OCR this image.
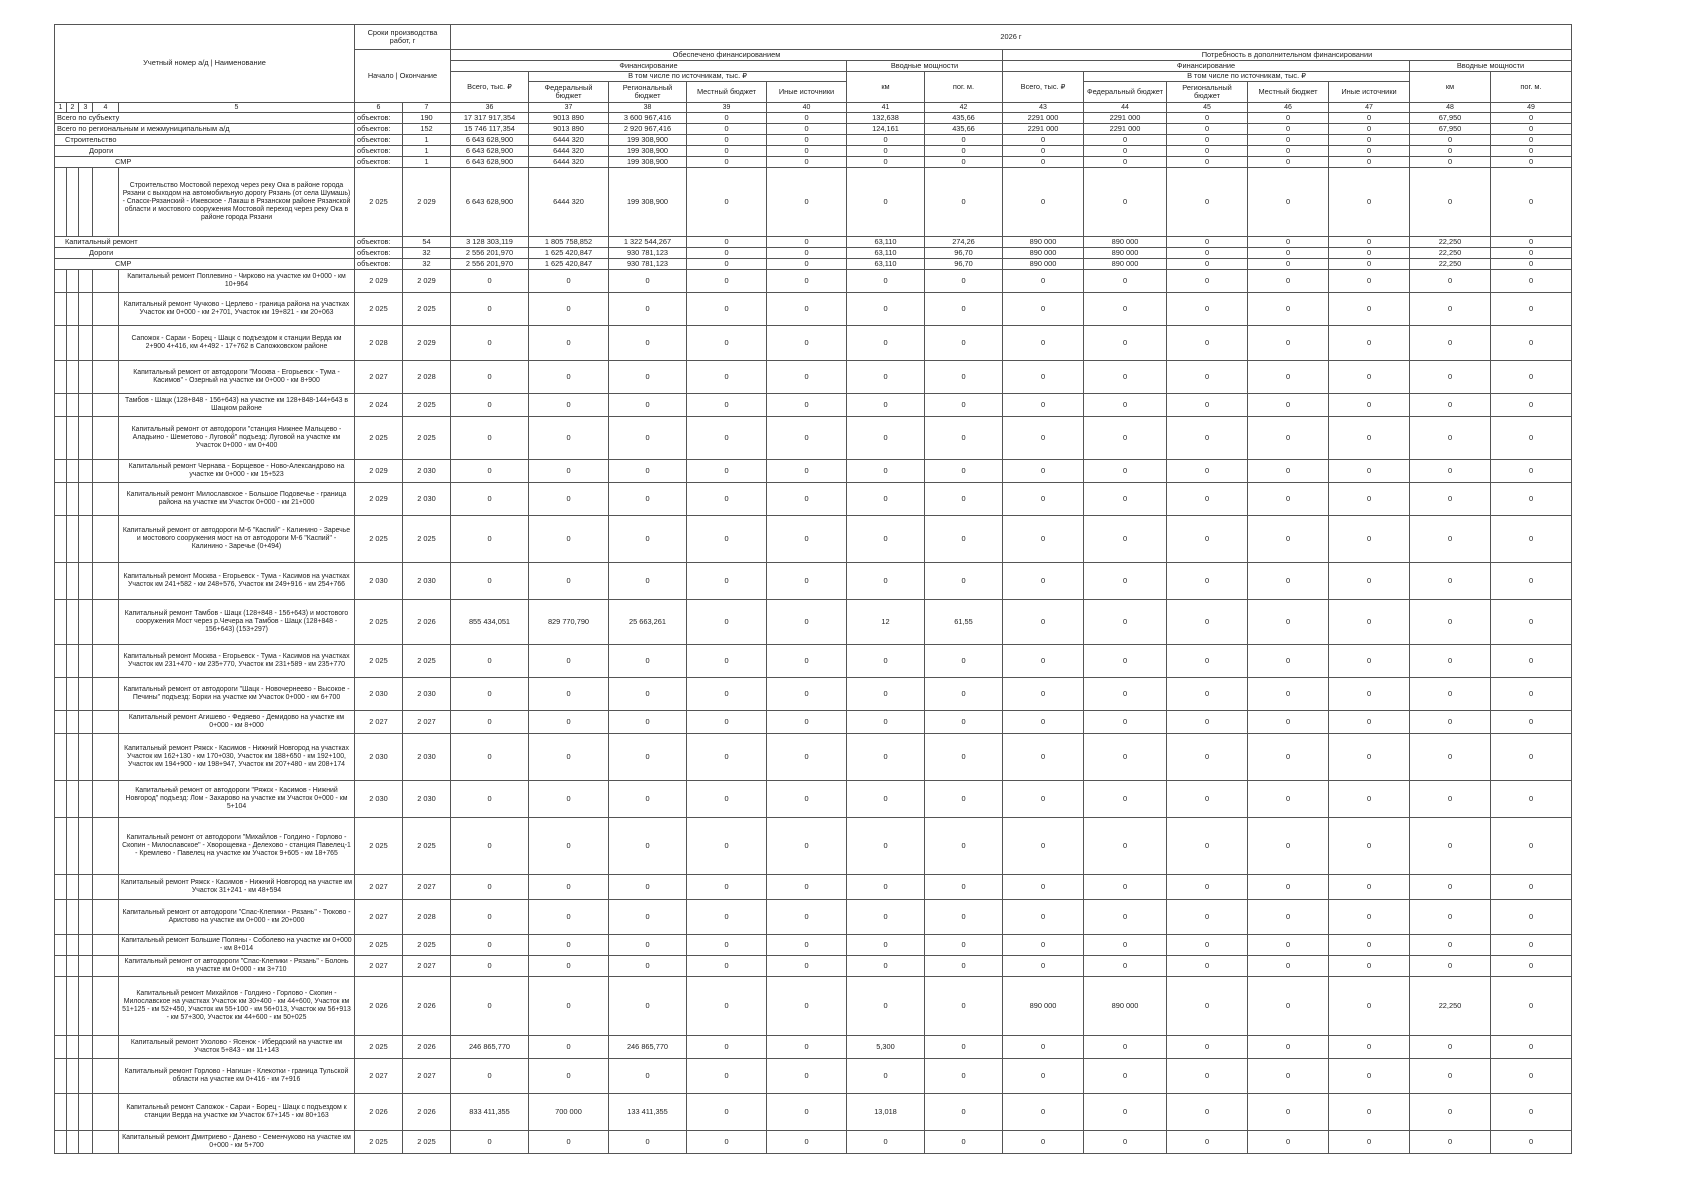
Учетный номер а/д | Наименование					Сроки производства работ, г		2026 г													
					Начало | Окончание		Обеспечено финансированием							Потребность в дополнительном финансировании						
							Финансирование					Вводные мощности		Финансирование					Вводные мощности	
							Всего, тыс. ₽	В том числе по источникам, тыс. ₽				км	пог. м.	Всего, тыс. ₽	В том числе по источникам, тыс. ₽				км	пог. м.
								Федеральный бюджет	Региональный бюджет	Местный бюджет	Иные источники				Федеральный бюджет	Региональный бюджет	Местный бюджет	Иные источники		
1	2	3	4	5	6	7	36	37	38	39	40	41	42	43	44	45	46	47	48	49
Всего по субъекту					объектов:	190	17 317 917,354	9013 890	3 600 967,416	0	0	132,638	435,66	2291 000	2291 000	0	0	0	67,950	0
Всего по региональным и межмуниципальным а/д					объектов:	152	15 746 117,354	9013 890	2 920 967,416	0	0	124,161	435,66	2291 000	2291 000	0	0	0	67,950	0
Строительство					объектов:	1	6 643 628,900	6444 320	199 308,900	0	0	0	0	0	0	0	0	0	0	0
Дороги					объектов:	1	6 643 628,900	6444 320	199 308,900	0	0	0	0	0	0	0	0	0	0	0
СМР					объектов:	1	6 643 628,900	6444 320	199 308,900	0	0	0	0	0	0	0	0	0	0	0
				Строительство Мостовой переход через реку Ока в районе города Рязани с выходом на автомобильную дорогу Рязань (от села Шумашь) - Спасск-Рязанский - Ижевское - Лакаш в Рязанском районе Рязанской области и мостового сооружения Мостовой переход через реку Ока в районе города Рязани	2 025	2 029	6 643 628,900	6444 320	199 308,900	0	0	0	0	0	0	0	0	0	0	0
Капитальный ремонт					объектов:	54	3 128 303,119	1 805 758,852	1 322 544,267	0	0	63,110	274,26	890 000	890 000	0	0	0	22,250	0
Дороги					объектов:	32	2 556 201,970	1 625 420,847	930 781,123	0	0	63,110	96,70	890 000	890 000	0	0	0	22,250	0
СМР					объектов:	32	2 556 201,970	1 625 420,847	930 781,123	0	0	63,110	96,70	890 000	890 000	0	0	0	22,250	0
				Капитальный ремонт Поплевино - Чирково на участке км 0+000 - км 10+964	2 029	2 029	0	0	0	0	0	0	0	0	0	0	0	0	0	0
				Капитальный ремонт Чучково - Церлево - граница района на участках Участок км 0+000 - км 2+701, Участок км 19+821 - км 20+063	2 025	2 025	0	0	0	0	0	0	0	0	0	0	0	0	0	0
				Сапожок - Сараи - Борец - Шацк с подъездом к станции Верда км 2+900 4+416, км 4+492 - 17+762 в Сапожковском районе	2 028	2 029	0	0	0	0	0	0	0	0	0	0	0	0	0	0
				Капитальный ремонт от автодороги "Москва - Егорьевск - Тума - Касимов" - Озерный на участке км 0+000 - км 8+900	2 027	2 028	0	0	0	0	0	0	0	0	0	0	0	0	0	0
				Тамбов - Шацк (128+848 - 156+643) на участке км 128+848-144+643 в Шацком районе	2 024	2 025	0	0	0	0	0	0	0	0	0	0	0	0	0	0
				Капитальный ремонт от автодороги "станция Нижнее Мальцево - Аладьино - Шеметово - Луговой" подъезд: Луговой на участке км Участок 0+000 - км 0+400	2 025	2 025	0	0	0	0	0	0	0	0	0	0	0	0	0	0
				Капитальный ремонт Чернава - Борщевое - Ново-Александрово на участке км 0+000 - км 15+523	2 029	2 030	0	0	0	0	0	0	0	0	0	0	0	0	0	0
				Капитальный ремонт Милославское - Большое Подовечье - граница района на участке км Участок 0+000 - км 21+000	2 029	2 030	0	0	0	0	0	0	0	0	0	0	0	0	0	0
				Капитальный ремонт от автодороги М-6 "Каспий" - Калинино - Заречье и мостового сооружения мост на от автодороги М-6 "Каспий" - Калинино - Заречье (0+494)	2 025	2 025	0	0	0	0	0	0	0	0	0	0	0	0	0	0
				Капитальный ремонт Москва - Егорьевск - Тума - Касимов на участках Участок км 241+582 - км 248+576, Участок км 249+916 - км 254+766	2 030	2 030	0	0	0	0	0	0	0	0	0	0	0	0	0	0
				Капитальный ремонт Тамбов - Шацк (128+848 - 156+643) и мостового сооружения Мост через р.Чечера на Тамбов - Шацк (128+848 - 156+643) (153+297)	2 025	2 026	855 434,051	829 770,790	25 663,261	0	0	12	61,55	0	0	0	0	0	0	0
				Капитальный ремонт Москва - Егорьевск - Тума - Касимов на участках Участок км 231+470 - км 235+770, Участок км 231+589 - км 235+770	2 025	2 025	0	0	0	0	0	0	0	0	0	0	0	0	0	0
				Капитальный ремонт от автодороги "Шацк - Новочернеево - Высокое - Печины" подъезд: Борки на участке км Участок 0+000 - км 6+700	2 030	2 030	0	0	0	0	0	0	0	0	0	0	0	0	0	0
				Капитальный ремонт Агишево - Федяево - Демидово на участке км 0+000 - км 8+000	2 027	2 027	0	0	0	0	0	0	0	0	0	0	0	0	0	0
				Капитальный ремонт Ряжск - Касимов - Нижний Новгород на участках Участок км 162+130 - км 170+030, Участок км 188+650 - км 192+100, Участок км 194+900 - км 198+947, Участок км 207+480 - км 208+174	2 030	2 030	0	0	0	0	0	0	0	0	0	0	0	0	0	0
				Капитальный ремонт от автодороги "Ряжск - Касимов - Нижний Новгород" подъезд: Лом - Захарово на участке км Участок 0+000 - км 5+104	2 030	2 030	0	0	0	0	0	0	0	0	0	0	0	0	0	0
				Капитальный ремонт от автодороги "Михайлов - Голдино - Горлово - Скопин - Милославское" - Хворощевка - Делехово - станция Павелец-1 - Кремлево - Павелец на участке км Участок 9+605 - км 18+765	2 025	2 025	0	0	0	0	0	0	0	0	0	0	0	0	0	0
				Капитальный ремонт Ряжск - Касимов - Нижний Новгород на участке км Участок 31+241 - км 48+594	2 027	2 027	0	0	0	0	0	0	0	0	0	0	0	0	0	0
				Капитальный ремонт от автодороги "Спас-Клепики - Рязань" - Тюково - Аристово на участке км 0+000 - км 20+000	2 027	2 028	0	0	0	0	0	0	0	0	0	0	0	0	0	0
				Капитальный ремонт Большие Поляны - Соболево на участке км 0+000 - км 8+014	2 025	2 025	0	0	0	0	0	0	0	0	0	0	0	0	0	0
				Капитальный ремонт от автодороги "Спас-Клепики - Рязань" - Болонь на участке км 0+000 - км 3+710	2 027	2 027	0	0	0	0	0	0	0	0	0	0	0	0	0	0
				Капитальный ремонт Михайлов - Голдино - Горлово - Скопин - Милославское на участках Участок км 30+400 - км 44+600, Участок км 51+125 - км 52+450, Участок км 55+100 - км 56+013, Участок км 56+913 - км 57+300, Участок км 44+600 - км 50+025	2 026	2 026	0	0	0	0	0	0	0	890 000	890 000	0	0	0	22,250	0
				Капитальный ремонт Ухолово - Ясенок - Ибердский на участке км Участок 5+843 - км 11+143	2 025	2 026	246 865,770	0	246 865,770	0	0	5,300	0	0	0	0	0	0	0	0
				Капитальный ремонт Горлово - Нагишн - Клекотки - граница Тульской области на участке км 0+416 - км 7+916	2 027	2 027	0	0	0	0	0	0	0	0	0	0	0	0	0	0
				Капитальный ремонт Сапожок - Сараи - Борец - Шацк с подъездом к станции Верда на участке км Участок 67+145 - км 80+163	2 026	2 026	833 411,355	700 000	133 411,355	0	0	13,018	0	0	0	0	0	0	0	0
				Капитальный ремонт Дмитриево - Данево - Семенчуково на участке км 0+000 - км 5+700	2 025	2 025	0	0	0	0	0	0	0	0	0	0	0	0	0	0
